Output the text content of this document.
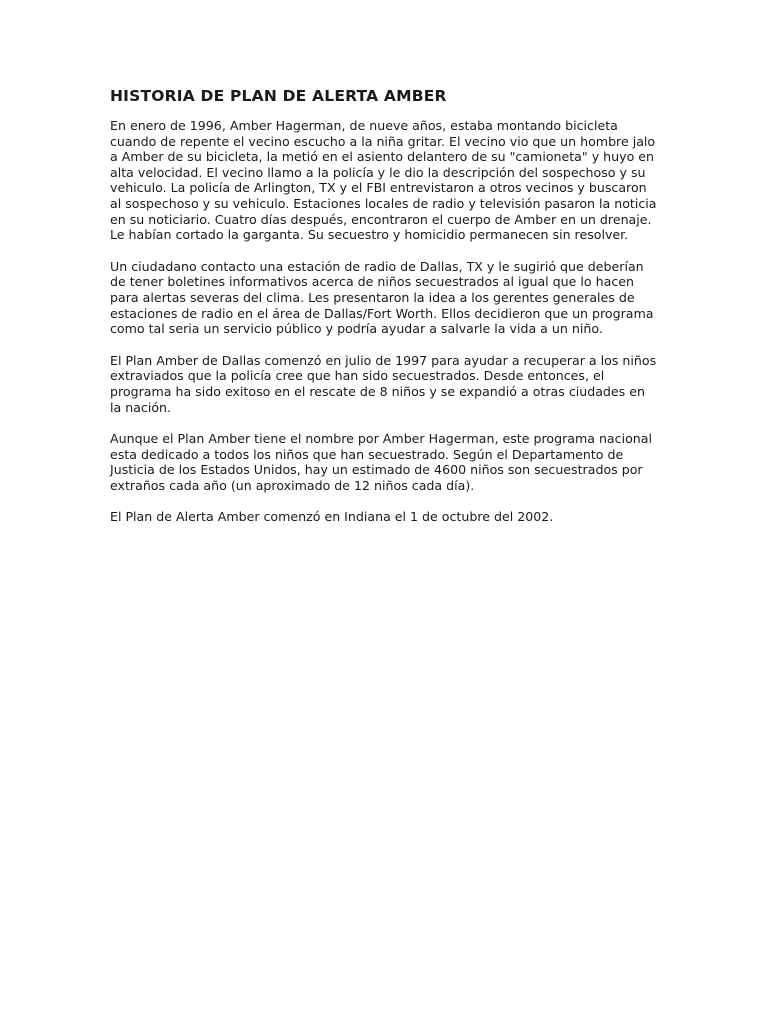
HISTORIA DE PLAN DE ALERTA AMBER

En enero de 1996, Amber Hagerman, de nueve años, estaba montando bicicleta cuando de repente el vecino escucho a la niña gritar. El vecino vio que un hombre jalo a Amber de su bicicleta, la metió en el asiento delantero de su "camioneta" y huyo en alta velocidad. El vecino llamo a la policía y le dio la descripción del sospechoso y su vehiculo. La policía de Arlington, TX y el FBI entrevistaron a otros vecinos y buscaron al sospechoso y su vehiculo. Estaciones locales de radio y televisión pasaron la noticia en su noticiario. Cuatro días después, encontraron el cuerpo de Amber en un drenaje. Le habían cortado la garganta. Su secuestro y homicidio permanecen sin resolver.

Un ciudadano contacto una estación de radio de Dallas, TX y le sugirió que deberían de tener boletines informativos acerca de niños secuestrados al igual que lo hacen para alertas severas del clima. Les presentaron la idea a los gerentes generales de estaciones de radio en el área de Dallas/Fort Worth. Ellos decidieron que un programa como tal seria un servicio público y podría ayudar a salvarle la vida a un niño.

El Plan Amber de Dallas comenzó en julio de 1997 para ayudar a recuperar a los niños extraviados que la policía cree que han sido secuestrados. Desde entonces, el programa ha sido exitoso en el rescate de 8 niños y se expandió a otras ciudades en la nación.

Aunque el Plan Amber tiene el nombre por Amber Hagerman, este programa nacional esta dedicado a todos los niños que han secuestrado. Según el Departamento de Justicia de los Estados Unidos, hay un estimado de 4600 niños son secuestrados por extraños cada año (un aproximado de 12 niños cada día).

El Plan de Alerta Amber comenzó en Indiana el 1 de octubre del 2002.
